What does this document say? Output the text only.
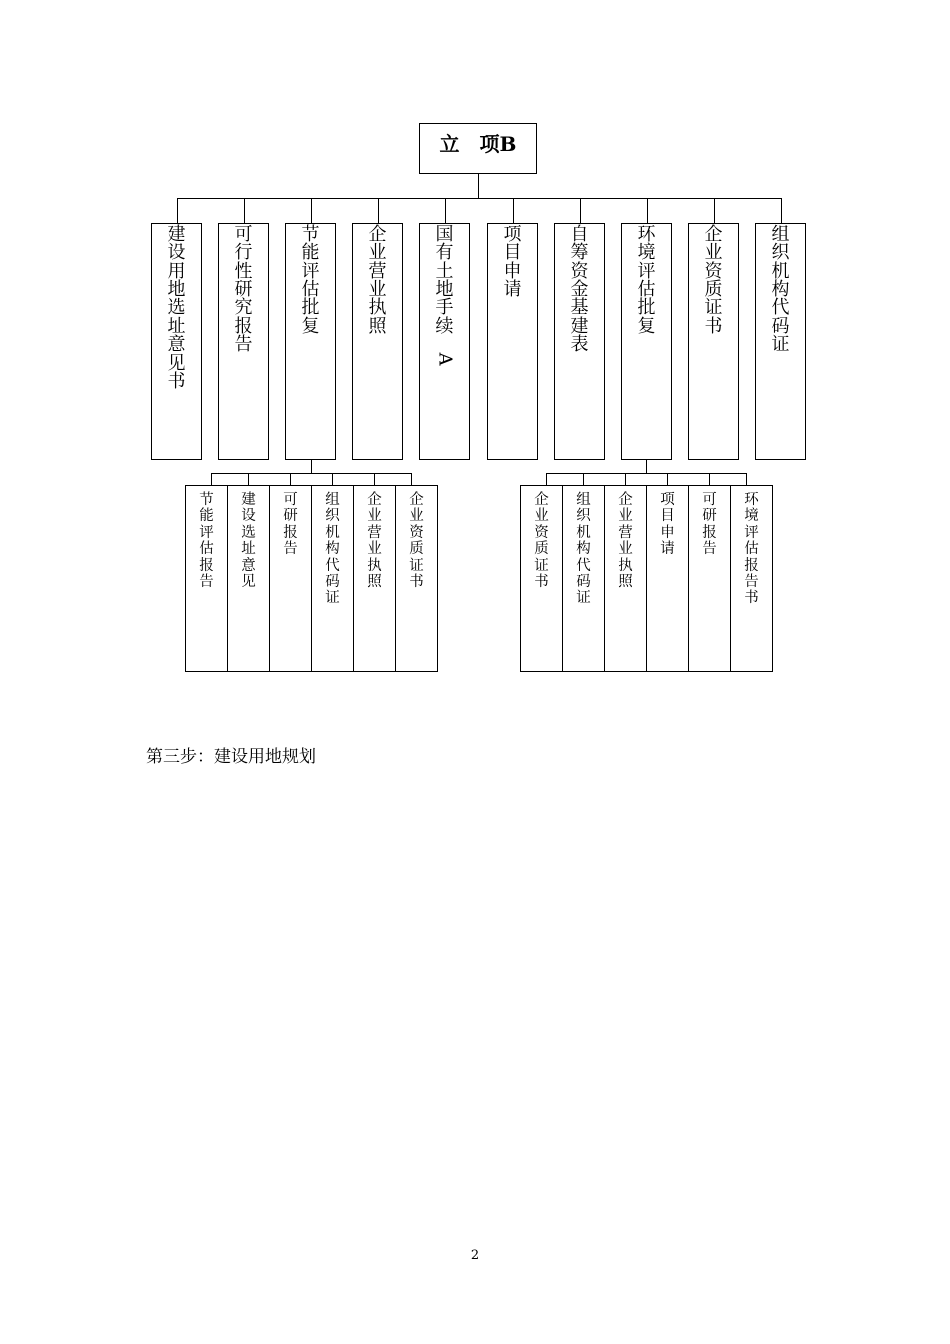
立　项B
建
设
用
地
选
址
意
见
书
可
行
性
研
究
报
告
节
能
评
估
批
复
企
业
营
业
执
照
国
有
土
地
手
续
A
项
目
申
请
自
筹
资
金
基
建
表
环
境
评
估
批
复
企
业
资
质
证
书
组
织
机
构
代
码
证
节
能
评
估
报
告
建
设
选
址
意
见
可
研
报
告
组
织
机
构
代
码
证
企
业
营
业
执
照
企
业
资
质
证
书
企
业
资
质
证
书
组
织
机
构
代
码
证
企
业
营
业
执
照
项
目
申
请
可
研
报
告
环
境
评
估
报
告
书
第三步：建设用地规划
2
